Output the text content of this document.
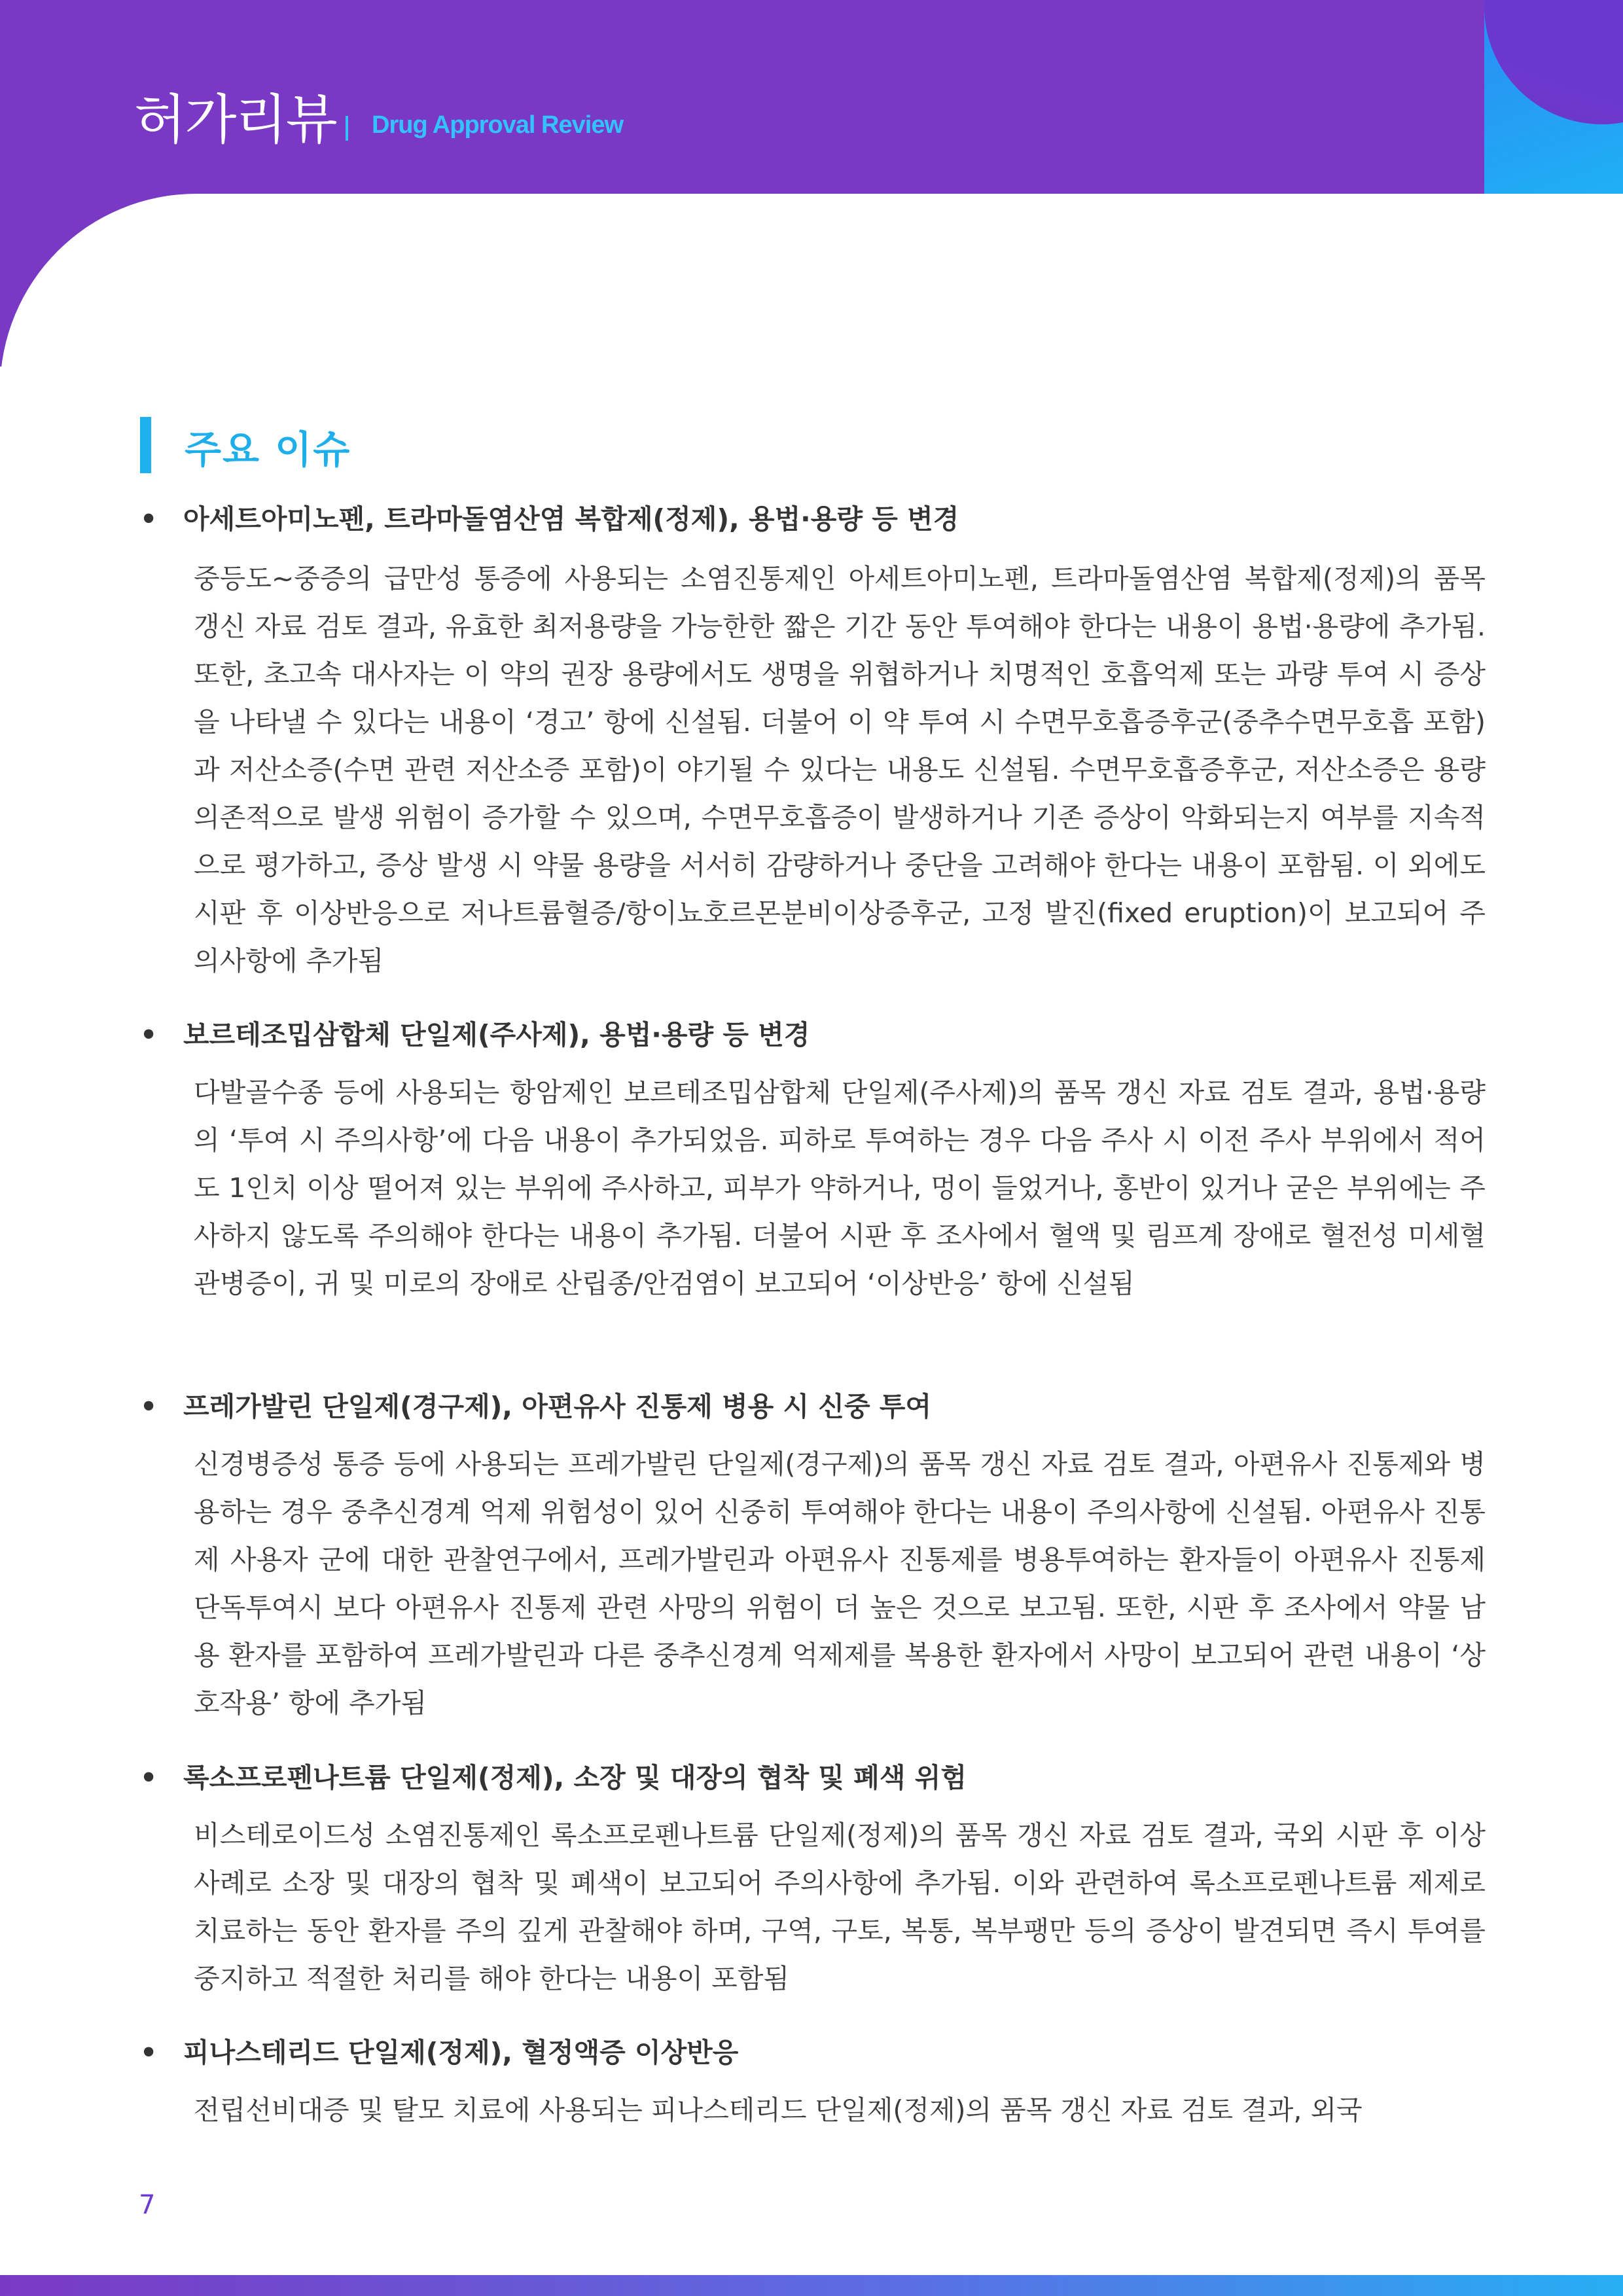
허가리뷰 Drug Approval Review
주요 이슈
• 아세트아미노펜, 트라마돌염산염 복합제(정제), 용법·용량 등 변경
중등도~중증의 급만성 통증에 사용되는 소염진통제인 아세트아미노펜, 트라마돌염산염 복합제(정제)의 품목 갱신 자료 검토 결과, 유효한 최저용량을 가능한한 짧은 기간 동안 투여해야 한다는 내용이 용법·용량에 추가됨. 또한, 초고속 대사자는 이 약의 권장 용량에서도 생명을 위협하거나 치명적인 호흡억제 또는 과량 투여 시 증상을 나타낼 수 있다는 내용이 ‘경고’ 항에 신설됨. 더불어 이 약 투여 시 수면무호흡증후군(중추수면무호흡 포함)과 저산소증(수면 관련 저산소증 포함)이 야기될 수 있다는 내용도 신설됨. 수면무호흡증후군, 저산소증은 용량 의존적으로 발생 위험이 증가할 수 있으며, 수면무호흡증이 발생하거나 기존 증상이 악화되는지 여부를 지속적으로 평가하고, 증상 발생 시 약물 용량을 서서히 감량하거나 중단을 고려해야 한다는 내용이 포함됨. 이 외에도 시판 후 이상반응으로 저나트륨혈증/항이뇨호르몬분비이상증후군, 고정 발진(fixed eruption)이 보고되어 주의사항에 추가됨
• 보르테조밉삼합체 단일제(주사제), 용법·용량 등 변경
다발골수종 등에 사용되는 항암제인 보르테조밉삼합체 단일제(주사제)의 품목 갱신 자료 검토 결과, 용법·용량의 ‘투여 시 주의사항’에 다음 내용이 추가되었음. 피하로 투여하는 경우 다음 주사 시 이전 주사 부위에서 적어도 1인치 이상 떨어져 있는 부위에 주사하고, 피부가 약하거나, 멍이 들었거나, 홍반이 있거나 굳은 부위에는 주사하지 않도록 주의해야 한다는 내용이 추가됨. 더불어 시판 후 조사에서 혈액 및 림프계 장애로 혈전성 미세혈관병증이, 귀 및 미로의 장애로 산립종/안검염이 보고되어 ‘이상반응’ 항에 신설됨
• 프레가발린 단일제(경구제), 아편유사 진통제 병용 시 신중 투여
신경병증성 통증 등에 사용되는 프레가발린 단일제(경구제)의 품목 갱신 자료 검토 결과, 아편유사 진통제와 병용하는 경우 중추신경계 억제 위험성이 있어 신중히 투여해야 한다는 내용이 주의사항에 신설됨. 아편유사 진통제 사용자 군에 대한 관찰연구에서, 프레가발린과 아편유사 진통제를 병용투여하는 환자들이 아편유사 진통제 단독투여시 보다 아편유사 진통제 관련 사망의 위험이 더 높은 것으로 보고됨. 또한, 시판 후 조사에서 약물 남용 환자를 포함하여 프레가발린과 다른 중추신경계 억제제를 복용한 환자에서 사망이 보고되어 관련 내용이 ‘상호작용’ 항에 추가됨
• 록소프로펜나트륨 단일제(정제), 소장 및 대장의 협착 및 폐색 위험
비스테로이드성 소염진통제인 록소프로펜나트륨 단일제(정제)의 품목 갱신 자료 검토 결과, 국외 시판 후 이상사례로 소장 및 대장의 협착 및 폐색이 보고되어 주의사항에 추가됨. 이와 관련하여 록소프로펜나트륨 제제로 치료하는 동안 환자를 주의 깊게 관찰해야 하며, 구역, 구토, 복통, 복부팽만 등의 증상이 발견되면 즉시 투여를 중지하고 적절한 처리를 해야 한다는 내용이 포함됨
• 피나스테리드 단일제(정제), 혈정액증 이상반응
전립선비대증 및 탈모 치료에 사용되는 피나스테리드 단일제(정제)의 품목 갱신 자료 검토 결과, 외국
7
